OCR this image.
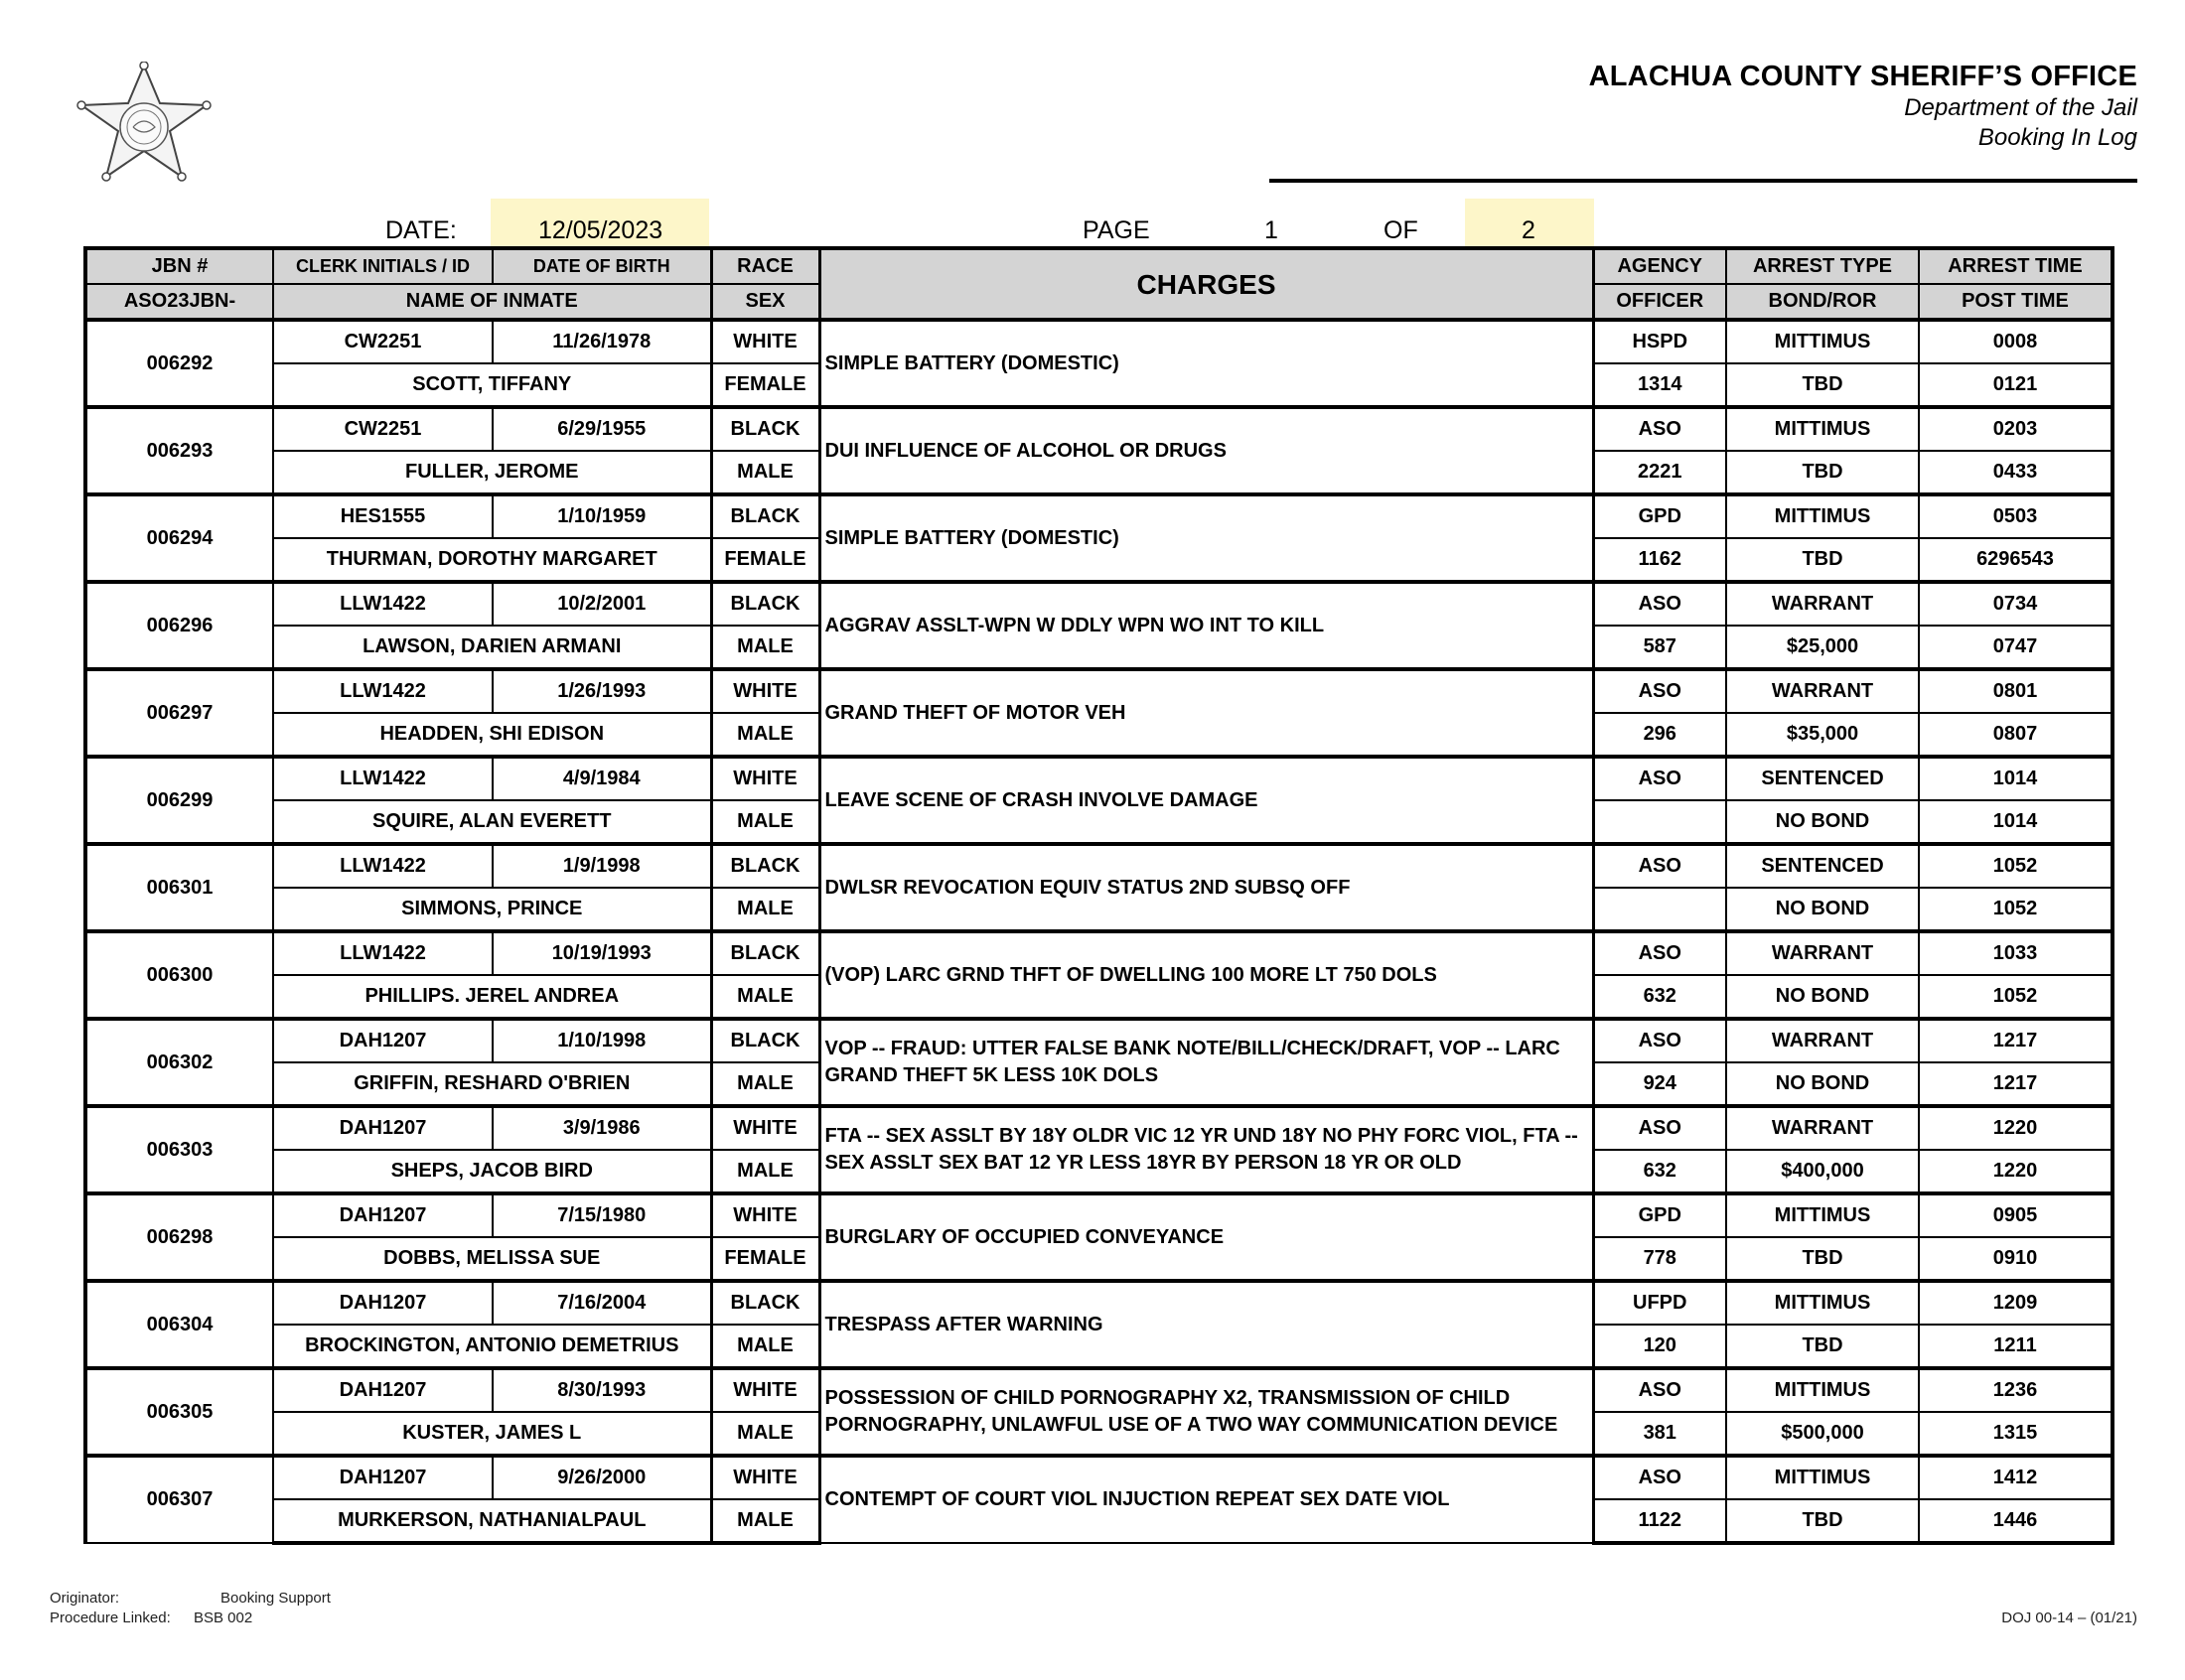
ALACHUA COUNTY SHERIFF’S OFFICE
Department of the Jail
Booking In Log
DATE:	12/05/2023	PAGE	1	OF	2
JBN #	CLERK INITIALS / ID	DATE OF BIRTH	RACE	CHARGES	AGENCY	ARREST TYPE	ARREST TIME
ASO23JBN-	NAME OF INMATE		SEX		OFFICER	BOND/ROR	POST TIME
006292	CW2251	11/26/1978	WHITE	SIMPLE BATTERY (DOMESTIC)	HSPD	MITTIMUS	0008
	SCOTT, TIFFANY		FEMALE		1314	TBD	0121
006293	CW2251	6/29/1955	BLACK	DUI INFLUENCE OF ALCOHOL OR DRUGS	ASO	MITTIMUS	0203
	FULLER, JEROME		MALE		2221	TBD	0433
006294	HES1555	1/10/1959	BLACK	SIMPLE BATTERY (DOMESTIC)	GPD	MITTIMUS	0503
	THURMAN, DOROTHY MARGARET		FEMALE		1162	TBD	6296543
006296	LLW1422	10/2/2001	BLACK	AGGRAV ASSLT-WPN W DDLY WPN WO INT TO KILL	ASO	WARRANT	0734
	LAWSON, DARIEN ARMANI		MALE		587	$25,000	0747
006297	LLW1422	1/26/1993	WHITE	GRAND THEFT OF MOTOR VEH	ASO	WARRANT	0801
	HEADDEN, SHI EDISON		MALE		296	$35,000	0807
006299	LLW1422	4/9/1984	WHITE	LEAVE SCENE OF CRASH INVOLVE DAMAGE	ASO	SENTENCED	1014
	SQUIRE, ALAN EVERETT		MALE			NO BOND	1014
006301	LLW1422	1/9/1998	BLACK	DWLSR REVOCATION EQUIV STATUS 2ND SUBSQ OFF	ASO	SENTENCED	1052
	SIMMONS, PRINCE		MALE			NO BOND	1052
006300	LLW1422	10/19/1993	BLACK	(VOP) LARC GRND THFT OF DWELLING 100 MORE LT 750 DOLS	ASO	WARRANT	1033
	PHILLIPS. JEREL ANDREA		MALE		632	NO BOND	1052
006302	DAH1207	1/10/1998	BLACK	VOP -- FRAUD: UTTER FALSE BANK NOTE/BILL/CHECK/DRAFT, VOP -- LARC GRAND THEFT 5K LESS 10K DOLS	ASO	WARRANT	1217
	GRIFFIN, RESHARD O'BRIEN		MALE		924	NO BOND	1217
006303	DAH1207	3/9/1986	WHITE	FTA -- SEX ASSLT BY 18Y OLDR VIC 12 YR UND 18Y NO PHY FORC VIOL, FTA -- SEX ASSLT SEX BAT 12 YR LESS 18YR BY PERSON 18 YR OR OLD	ASO	WARRANT	1220
	SHEPS, JACOB BIRD		MALE		632	$400,000	1220
006298	DAH1207	7/15/1980	WHITE	BURGLARY OF OCCUPIED CONVEYANCE	GPD	MITTIMUS	0905
	DOBBS, MELISSA SUE		FEMALE		778	TBD	0910
006304	DAH1207	7/16/2004	BLACK	TRESPASS AFTER WARNING	UFPD	MITTIMUS	1209
	BROCKINGTON, ANTONIO DEMETRIUS		MALE		120	TBD	1211
006305	DAH1207	8/30/1993	WHITE	POSSESSION OF CHILD PORNOGRAPHY X2, TRANSMISSION OF CHILD PORNOGRAPHY, UNLAWFUL USE OF A TWO WAY COMMUNICATION DEVICE	ASO	MITTIMUS	1236
	KUSTER, JAMES L		MALE		381	$500,000	1315
006307	DAH1207	9/26/2000	WHITE	CONTEMPT OF COURT VIOL INJUCTION REPEAT SEX DATE VIOL	ASO	MITTIMUS	1412
	MURKERSON, NATHANIALPAUL		MALE		1122	TBD	1446
Originator:	Booking Support
Procedure Linked: BSB 002	DOJ 00-14 – (01/21)
